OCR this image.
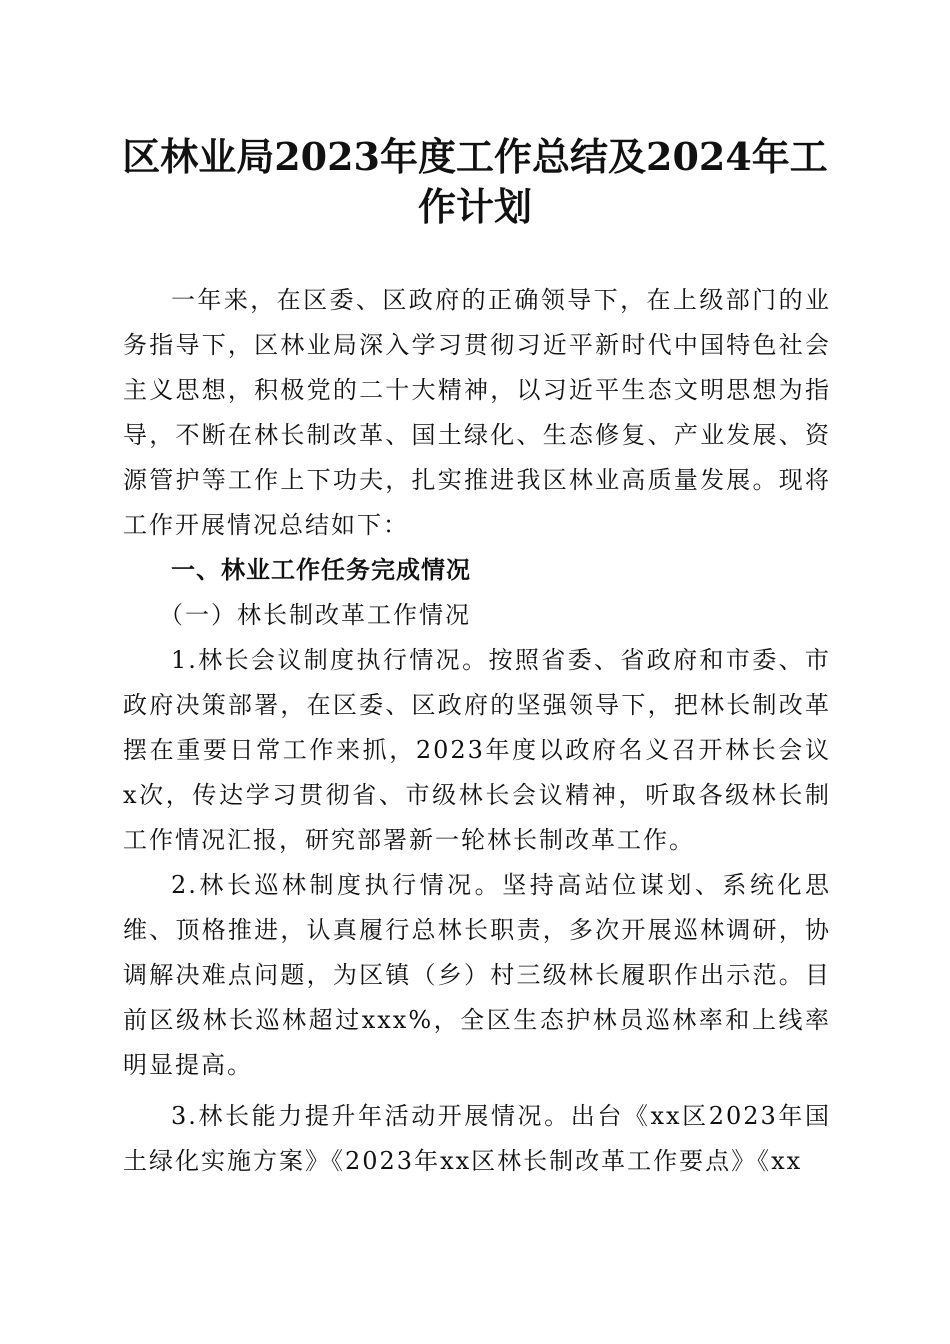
区林业局2023年度工作总结及2024年工作计划

一年来，在区委、区政府的正确领导下，在上级部门的业务指导下，区林业局深入学习贯彻习近平新时代中国特色社会主义思想，积极党的二十大精神，以习近平生态文明思想为指导，不断在林长制改革、国土绿化、生态修复、产业发展、资源管护等工作上下功夫，扎实推进我区林业高质量发展。现将工作开展情况总结如下：

一、林业工作任务完成情况

（一）林长制改革工作情况

1.林长会议制度执行情况。按照省委、省政府和市委、市政府决策部署，在区委、区政府的坚强领导下，把林长制改革摆在重要日常工作来抓，2023年度以政府名义召开林长会议x次，传达学习贯彻省、市级林长会议精神，听取各级林长制工作情况汇报，研究部署新一轮林长制改革工作。

2.林长巡林制度执行情况。坚持高站位谋划、系统化思维、顶格推进，认真履行总林长职责，多次开展巡林调研，协调解决难点问题，为区镇（乡）村三级林长履职作出示范。目前区级林长巡林超过xxx%，全区生态护林员巡林率和上线率明显提高。

3.林长能力提升年活动开展情况。出台《xx区2023年国土绿化实施方案》《2023年xx区林长制改革工作要点》《xx
